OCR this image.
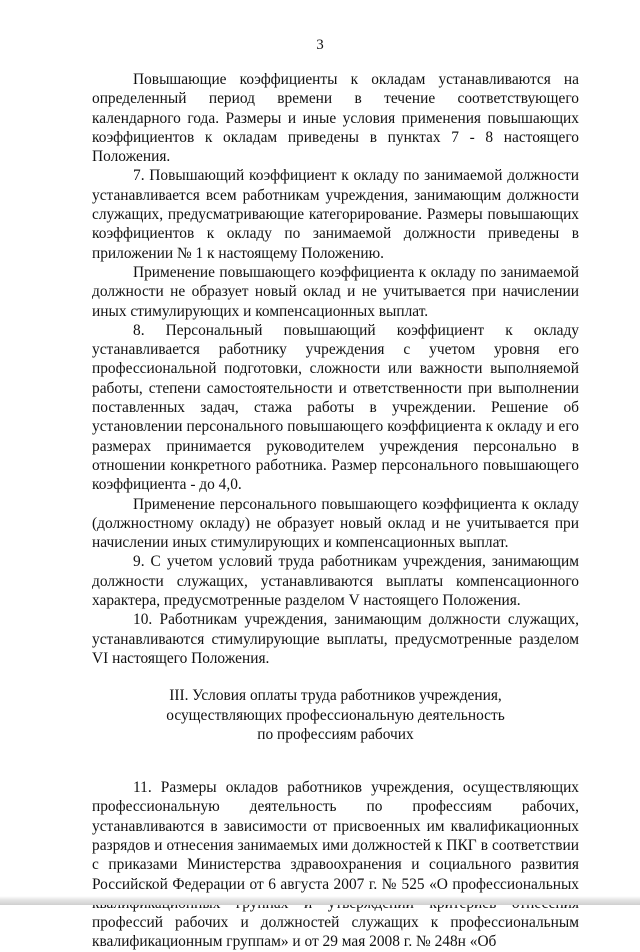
3

Повышающие коэффициенты к окладам устанавливаются на определенный период времени в течение соответствующего календарного года. Размеры и иные условия применения повышающих коэффициентов к окладам приведены в пунктах 7 - 8 настоящего Положения.

7. Повышающий коэффициент к окладу по занимаемой должности устанавливается всем работникам учреждения, занимающим должности служащих, предусматривающие категорирование. Размеры повышающих коэффициентов к окладу по занимаемой должности приведены в приложении № 1 к настоящему Положению.

Применение повышающего коэффициента к окладу по занимаемой должности не образует новый оклад и не учитывается при начислении иных стимулирующих и компенсационных выплат.

8. Персональный повышающий коэффициент к окладу устанавливается работнику учреждения с учетом уровня его профессиональной подготовки, сложности или важности выполняемой работы, степени самостоятельности и ответственности при выполнении поставленных задач, стажа работы в учреждении. Решение об установлении персонального повышающего коэффициента к окладу и его размерах принимается руководителем учреждения персонально в отношении конкретного работника. Размер персонального повышающего коэффициента - до 4,0.

Применение персонального повышающего коэффициента к окладу (должностному окладу) не образует новый оклад и не учитывается при начислении иных стимулирующих и компенсационных выплат.

9. С учетом условий труда работникам учреждения, занимающим должности служащих, устанавливаются выплаты компенсационного характера, предусмотренные разделом V настоящего Положения.

10. Работникам учреждения, занимающим должности служащих, устанавливаются стимулирующие выплаты, предусмотренные разделом VI настоящего Положения.

III. Условия оплаты труда работников учреждения,
осуществляющих профессиональную деятельность
по профессиям рабочих

11. Размеры окладов работников учреждения, осуществляющих профессиональную деятельность по профессиям рабочих, устанавливаются в зависимости от присвоенных им квалификационных разрядов и отнесения занимаемых ими должностей к ПКГ в соответствии с приказами Министерства здравоохранения и социального развития Российской Федерации от 6 августа 2007 г. № 525 «О профессиональных профессий рабочих и должностей служащих к профессиональным квалификационным группам» и от 29 мая 2008 г. № 248н «Об
